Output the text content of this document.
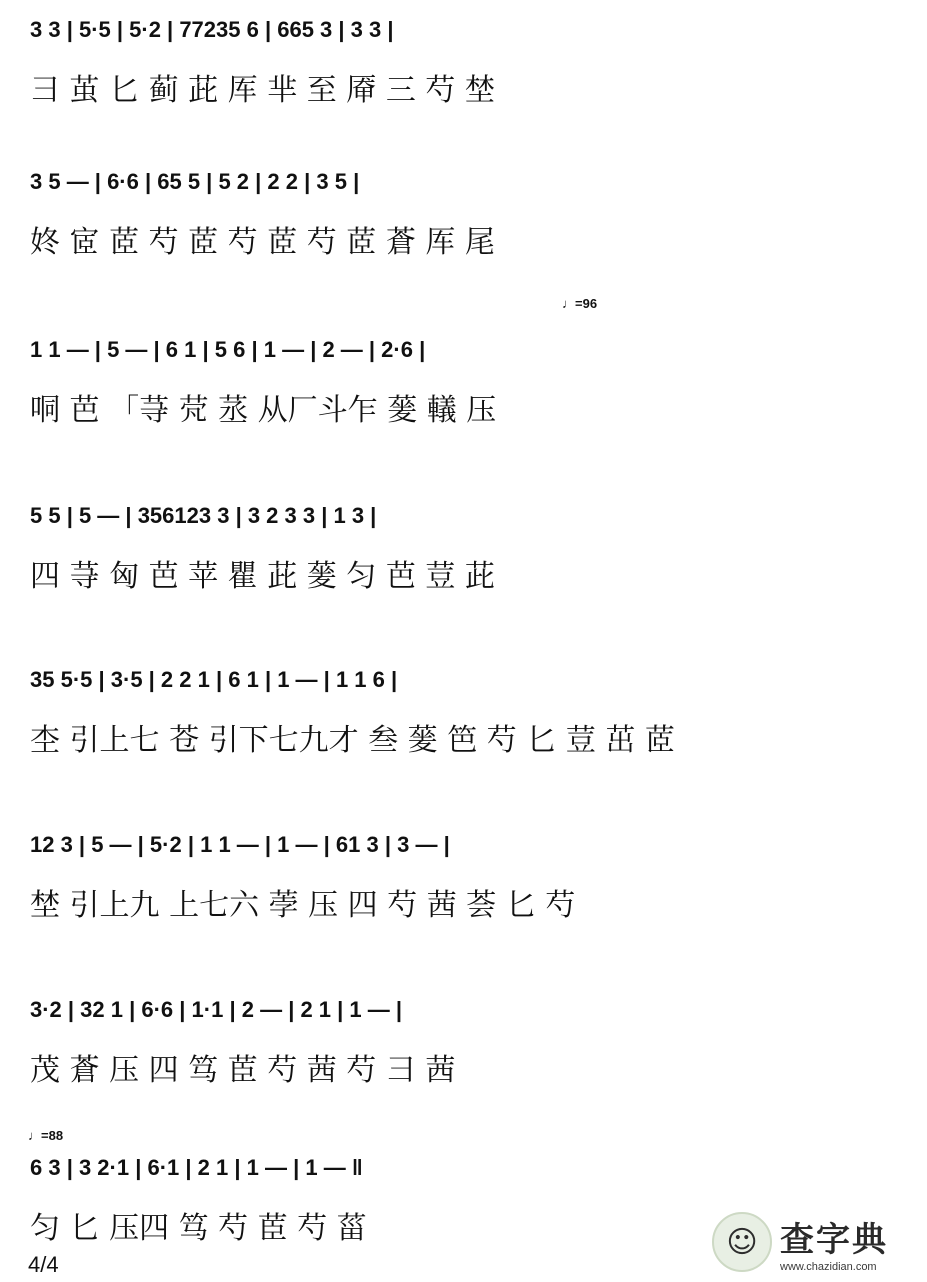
3 3 | 5·5 | 5·2 | 77235 6 | 665 3 | 3 3 |
彐 茧 匕 蓟 茈 厍 芈 至 厣 三 芍 埜
3 5 — | 6·6 | 65 5 | 5 2 | 2 2 | 3 5 |
㚵 宧 茝 芍 茝 芍 茝 芍 茝 蒼 厍 尾
♩=96
1 1 — | 5 — | 6 1 | 5 6 | 1 — | 2 — | 2·6 |
哃 芭 「䒭 䒮 䒱 从厂斗乍 蓌 轙 压
5 5 | 5 — | 356123 3 | 3 2 3 3 | 1 3 |
四 䒭 匈 芭 苹 瞿 茈 蓌 匀 芭 荳 茈
35 5·5 | 3·5 | 2 2 1 | 6 1 | 1 — | 1 1 6 |
杢 引上七 苍 引下七九才 叁 蓌 笆 芍 匕 荳 茁 茝
12 3 | 5 — | 5·2 | 1 1 — | 1 — | 61 3 | 3 — |
埜 引上九 上七六 荸 压 四 芍 茜 荟 匕 芍
3·2 | 32 1 | 6·6 | 1·1 | 2 — | 2 1 | 1 — |
茂 蒼 压 四 笃 茞 芍 茜 芍 彐 茜
♩=88
6 3 | 3 2·1 | 6·1 | 2 1 | 1 — | 1 — ‖
匀 匕 压四 笃 芍 茞 芍 菑
4/4
☺ 查字典
www.chazidian.com
